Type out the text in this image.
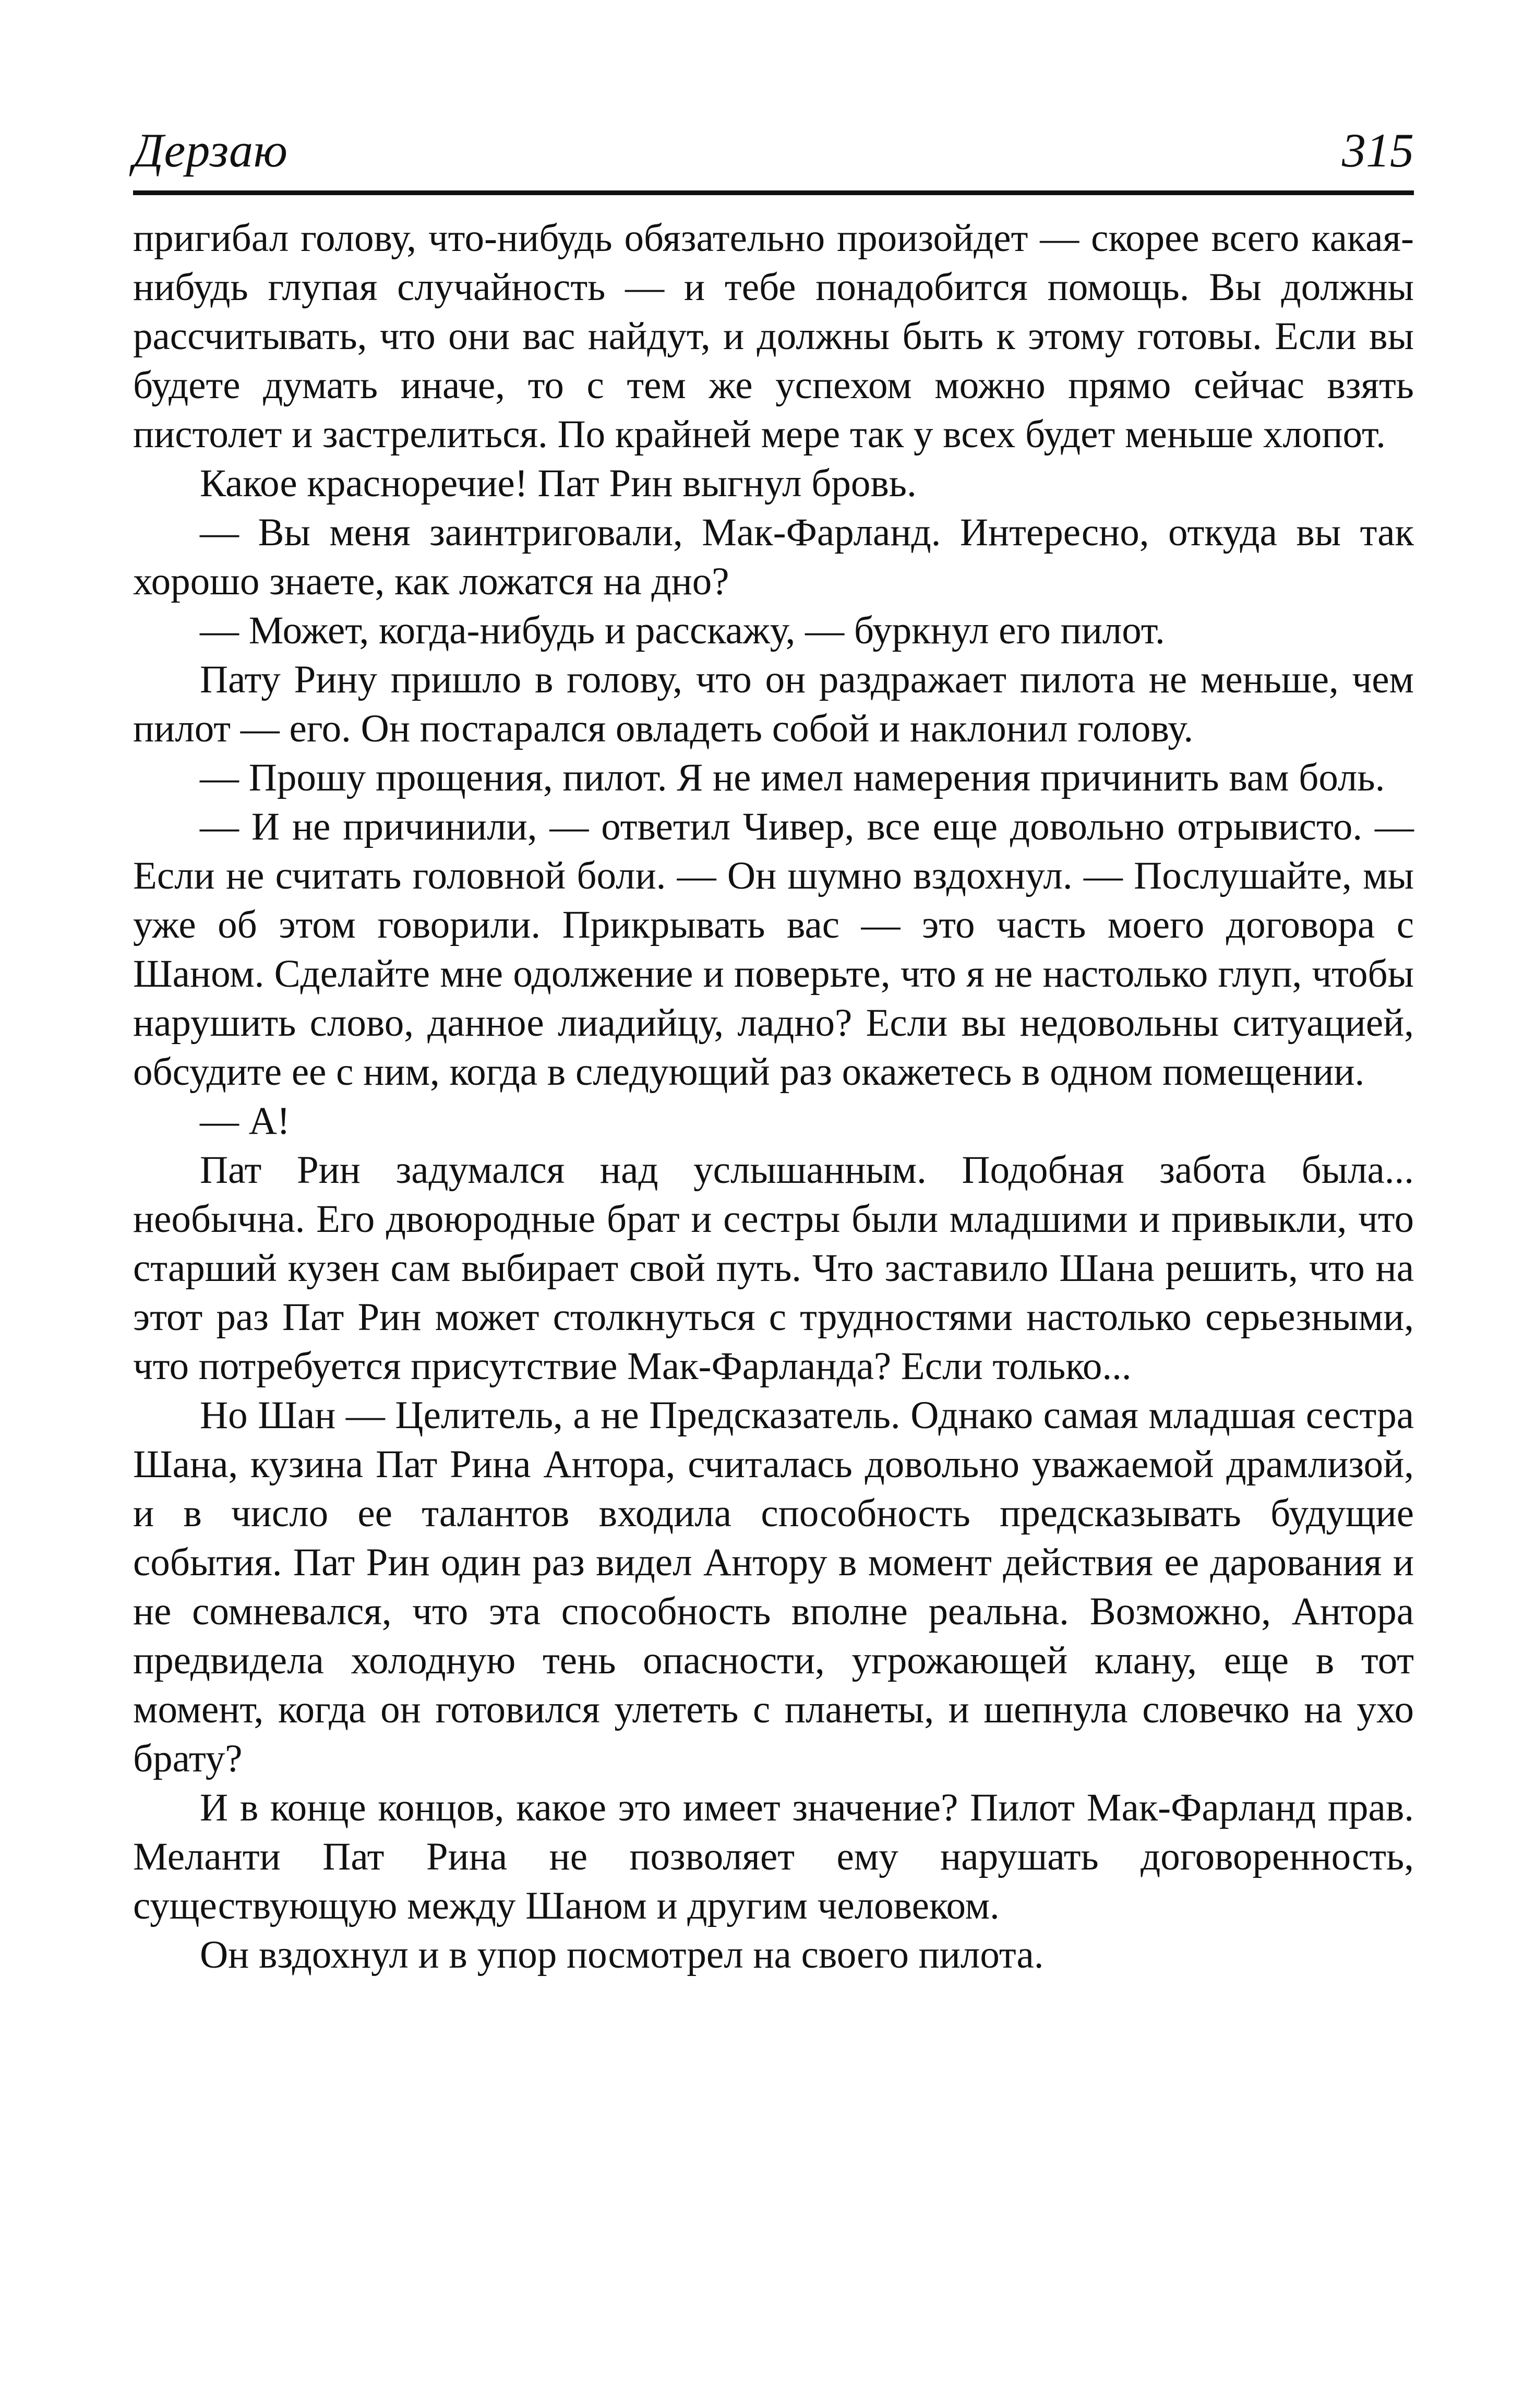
Дерзаю	315

пригибал голову, что-нибудь обязательно произойдет — скорее всего какая-нибудь глупая случайность — и тебе понадобится помощь. Вы должны рассчитывать, что они вас найдут, и должны быть к этому готовы. Если вы будете думать иначе, то с тем же успехом можно прямо сейчас взять пистолет и застрелиться. По крайней мере так у всех будет меньше хлопот.

Какое красноречие! Пат Рин выгнул бровь.

— Вы меня заинтриговали, Мак-Фарланд. Интересно, откуда вы так хорошо знаете, как ложатся на дно?

— Может, когда-нибудь и расскажу, — буркнул его пилот.

Пату Рину пришло в голову, что он раздражает пилота не меньше, чем пилот — его. Он постарался овладеть собой и наклонил голову.

— Прошу прощения, пилот. Я не имел намерения причинить вам боль.

— И не причинили, — ответил Чивер, все еще довольно отрывисто. — Если не считать головной боли. — Он шумно вздохнул. — Послушайте, мы уже об этом говорили. Прикрывать вас — это часть моего договора с Шаном. Сделайте мне одолжение и поверьте, что я не настолько глуп, чтобы нарушить слово, данное лиадийцу, ладно? Если вы недовольны ситуацией, обсудите ее с ним, когда в следующий раз окажетесь в одном помещении.

— А!

Пат Рин задумался над услышанным. Подобная забота была... необычна. Его двоюродные брат и сестры были младшими и привыкли, что старший кузен сам выбирает свой путь. Что заставило Шана решить, что на этот раз Пат Рин может столкнуться с трудностями настолько серьезными, что потребуется присутствие Мак-Фарланда? Если только...

Но Шан — Целитель, а не Предсказатель. Однако самая младшая сестра Шана, кузина Пат Рина Антора, считалась довольно уважаемой драмлизой, и в число ее талантов входила способность предсказывать будущие события. Пат Рин один раз видел Антору в момент действия ее дарования и не сомневался, что эта способность вполне реальна. Возможно, Антора предвидела холодную тень опасности, угрожающей клану, еще в тот момент, когда он готовился улететь с планеты, и шепнула словечко на ухо брату?

И в конце концов, какое это имеет значение? Пилот Мак-Фарланд прав. Меланти Пат Рина не позволяет ему нарушать договоренность, существующую между Шаном и другим человеком.

Он вздохнул и в упор посмотрел на своего пилота.
